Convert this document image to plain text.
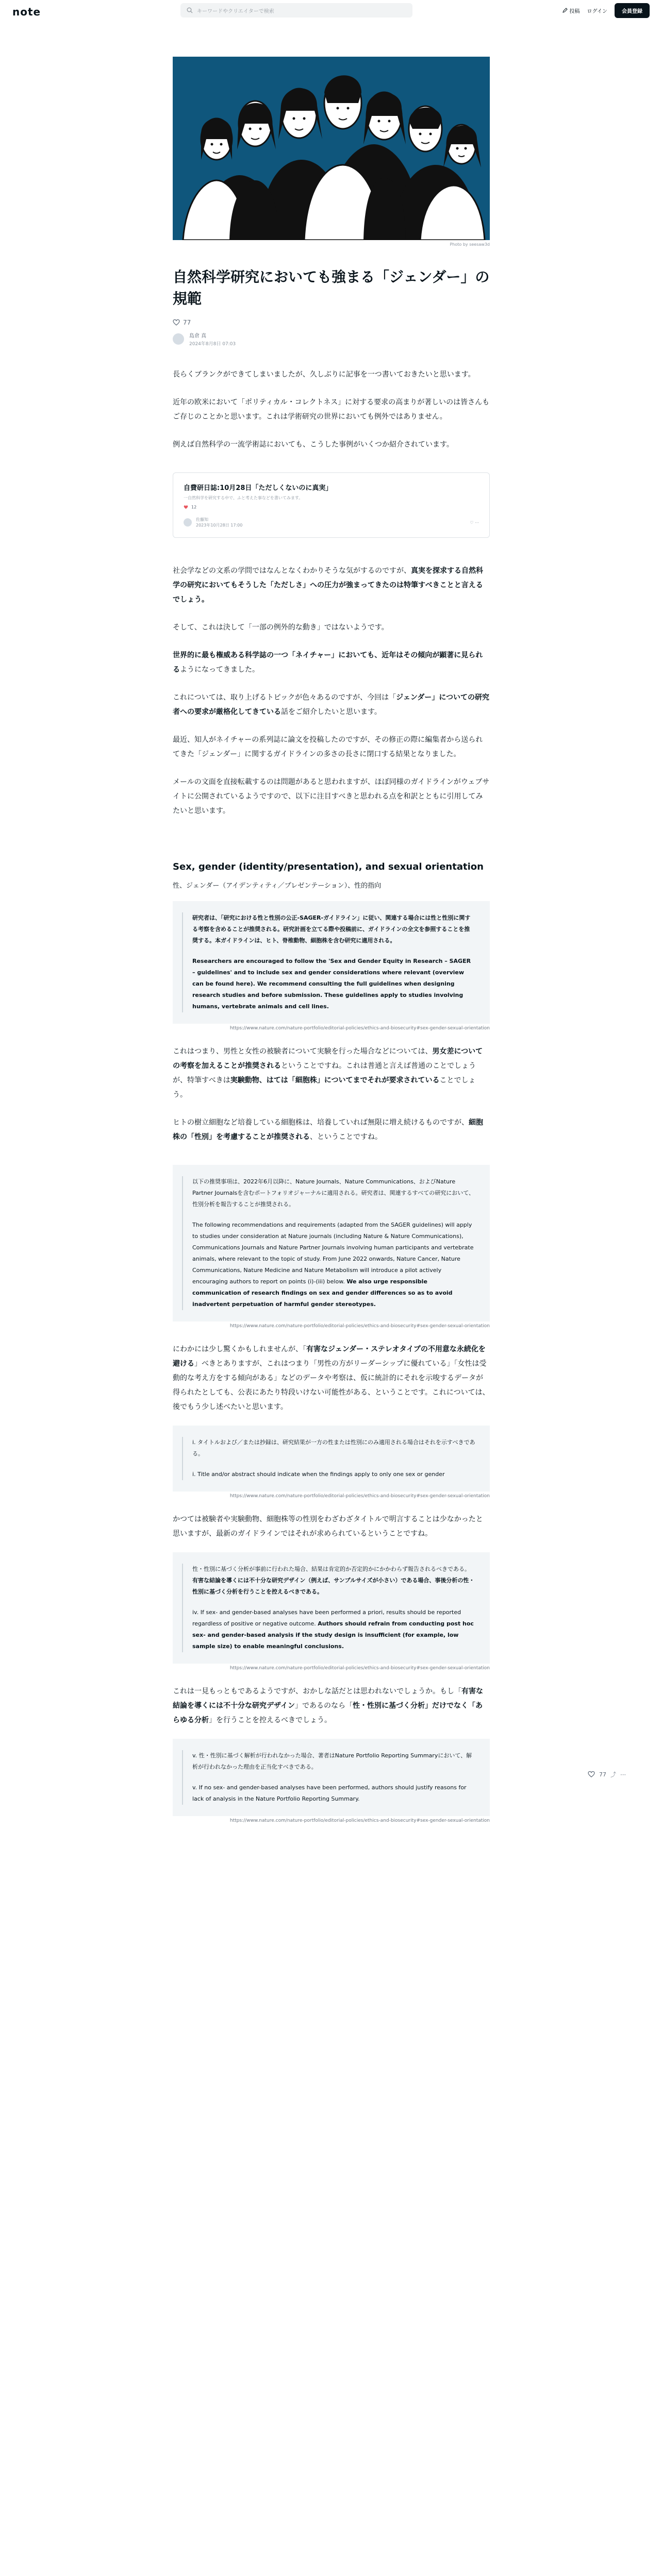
note	キーワードやクリエイターで検索	投稿 ログイン	会員登録
Photo by seesaw3d
自然科学研究においても強まる「ジェンダー」の規範
77
島倉 真
2024年8月8日 07:03

長らくブランクができてしまいましたが、久しぶりに記事を一つ書いておきたいと思います。

近年の欧米において「ポリティカル・コレクトネス」に対する要求の高まりが著しいのは皆さんもご存じのことかと思います。これは学術研究の世界においても例外ではありません。

例えば自然科学の一流学術誌においても、こうした事例がいくつか紹介されています。

自費研日誌:10月28日「ただしくないのに真実」
一自然科学を研究する中で、ふと考えた事などを書いてみます。
12
佐藤知
2023年10月28日 17:00
♡ ⋯

社会学などの文系の学問ではなんとなくわかりそうな気がするのですが、真実を探求する自然科学の研究においてもそうした「ただしさ」への圧力が強まってきたのは特筆すべきことと言えるでしょう。

そして、これは決して「一部の例外的な動き」ではないようです。

世界的に最も権威ある科学誌の一つ「ネイチャー」においても、近年はその傾向が顕著に見られるようになってきました。

これについては、取り上げるトピックが色々あるのですが、今回は「ジェンダー」についての研究者への要求が厳格化してきている話をご紹介したいと思います。

最近、知人がネイチャーの系列誌に論文を投稿したのですが、その修正の際に編集者から送られてきた「ジェンダー」に関するガイドラインの多さの長さに閉口する結果となりました。

メールの文面を直接転載するのは問題があると思われますが、ほぼ同様のガイドラインがウェブサイトに公開されているようですので、以下に注目すべきと思われる点を和訳とともに引用してみたいと思います。

Sex, gender (identity/presentation), and sexual orientation
性、ジェンダー（アイデンティティ／プレゼンテーション）、性的指向

研究者は、「研究における性と性別の公正-SAGER-ガイドライン」に従い、関連する場合には性と性別に関する考察を含めることが推奨される。研究計画を立てる際や投稿前に、ガイドラインの全文を参照することを推奨する。本ガイドラインは、ヒト、脊椎動物、細胞株を含む研究に適用される。

Researchers are encouraged to follow the 'Sex and Gender Equity in Research – SAGER – guidelines' and to include sex and gender considerations where relevant (overview can be found here). We recommend consulting the full guidelines when designing research studies and before submission. These guidelines apply to studies involving humans, vertebrate animals and cell lines.

https://www.nature.com/nature-portfolio/editorial-policies/ethics-and-biosecurity#sex-gender-sexual-orientation

これはつまり、男性と女性の被験者について実験を行った場合などについては、男女差についての考察を加えることが推奨されるということですね。これは普通と言えば普通のことでしょうが、特筆すべきは実験動物、はては「細胞株」についてまでそれが要求されていることでしょう。

ヒトの樹立細胞など培養している細胞株は、培養していれば無限に増え続けるものですが、細胞株の「性別」を考慮することが推奨される、ということですね。

以下の推奨事項は、2022年6月以降に、Nature Journals、Nature Communications、およびNature Partner Journalsを含むポートフォリオジャーナルに適用される。研究者は、関連するすべての研究において、性別分析を報告することが推奨される。

The following recommendations and requirements (adapted from the SAGER guidelines) will apply to studies under consideration at Nature journals (including Nature & Nature Communications), Communications Journals and Nature Partner Journals involving human participants and vertebrate animals, where relevant to the topic of study. From June 2022 onwards, Nature Cancer, Nature Communications, Nature Medicine and Nature Metabolism will introduce a pilot actively encouraging authors to report on points (i)-(iii) below. We also urge responsible communication of research findings on sex and gender differences so as to avoid inadvertent perpetuation of harmful gender stereotypes.

https://www.nature.com/nature-portfolio/editorial-policies/ethics-and-biosecurity#sex-gender-sexual-orientation

にわかには少し驚くかもしれませんが、「有害なジェンダー・ステレオタイプの不用意な永続化を避ける」べきとありますが、これはつまり「男性の方がリーダーシップに優れている」「女性は受動的な考え方をする傾向がある」などのデータや考察は、仮に統計的にそれを示唆するデータが得られたとしても、公表にあたり特段いけない可能性がある、ということです。これについては、後でもう少し述べたいと思います。

i. タイトルおよび／または抄録は、研究結果が一方の性または性別にのみ適用される場合はそれを示すべきである。

i. Title and/or abstract should indicate when the findings apply to only one sex or gender

https://www.nature.com/nature-portfolio/editorial-policies/ethics-and-biosecurity#sex-gender-sexual-orientation

かつては被験者や実験動物、細胞株等の性別をわざわざタイトルで明言することは少なかったと思いますが、最新のガイドラインではそれが求められているということですね。

性・性別に基づく分析が事前に行われた場合、結果は肯定的か否定的かにかかわらず報告されるべきである。有害な結論を導くには不十分な研究デザイン（例えば、サンプルサイズが小さい）である場合、事後分析の性・性別に基づく分析を行うことを控えるべきである。

iv. If sex- and gender-based analyses have been performed a priori, results should be reported regardless of positive or negative outcome. Authors should refrain from conducting post hoc sex- and gender-based analysis if the study design is insufficient (for example, low sample size) to enable meaningful conclusions.

https://www.nature.com/nature-portfolio/editorial-policies/ethics-and-biosecurity#sex-gender-sexual-orientation

これは一見もっともであるようですが、おかしな話だとは思われないでしょうか。もし「有害な結論を導くには不十分な研究デザイン」であるのなら「性・性別に基づく分析」だけでなく「あらゆる分析」を行うことを控えるべきでしょう。

v. 性・性別に基づく解析が行われなかった場合、著者はNature Portfolio Reporting Summaryにおいて、解析が行われなかった理由を正当化すべきである。

v. If no sex- and gender-based analyses have been performed, authors should justify reasons for lack of analysis in the Nature Portfolio Reporting Summary.

https://www.nature.com/nature-portfolio/editorial-policies/ethics-and-biosecurity#sex-gender-sexual-orientation
77 ⤴ ⋯
